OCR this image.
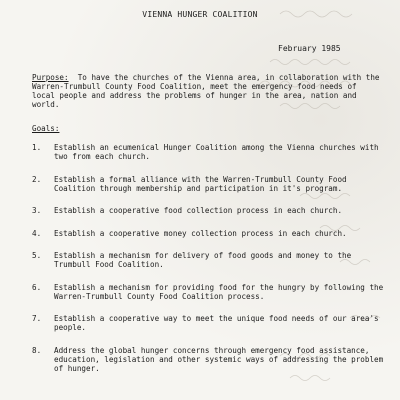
VIENNA HUNGER COALITION
February 1985
Purpose: To have the churches of the Vienna area, in collaboration with the Warren-Trumbull County Food Coalition, meet the emergency food needs of local people and address the problems of hunger in the area, nation and world.
Goals:
1.	Establish an ecumenical Hunger Coalition among the Vienna churches with two from each church.
2.	Establish a formal alliance with the Warren-Trumbull County Food Coalition through membership and participation in it's program.
3.	Establish a cooperative food collection process in each church.
4.	Establish a cooperative money collection process in each church.
5.	Establish a mechanism for delivery of food goods and money to the Trumbull Food Coalition.
6.	Establish a mechanism for providing food for the hungry by following the Warren-Trumbull County Food Coalition process.
7.	Establish a cooperative way to meet the unique food needs of our area's people.
8.	Address the global hunger concerns through emergency food assistance, education, legislation and other systemic ways of addressing the problem of hunger.
